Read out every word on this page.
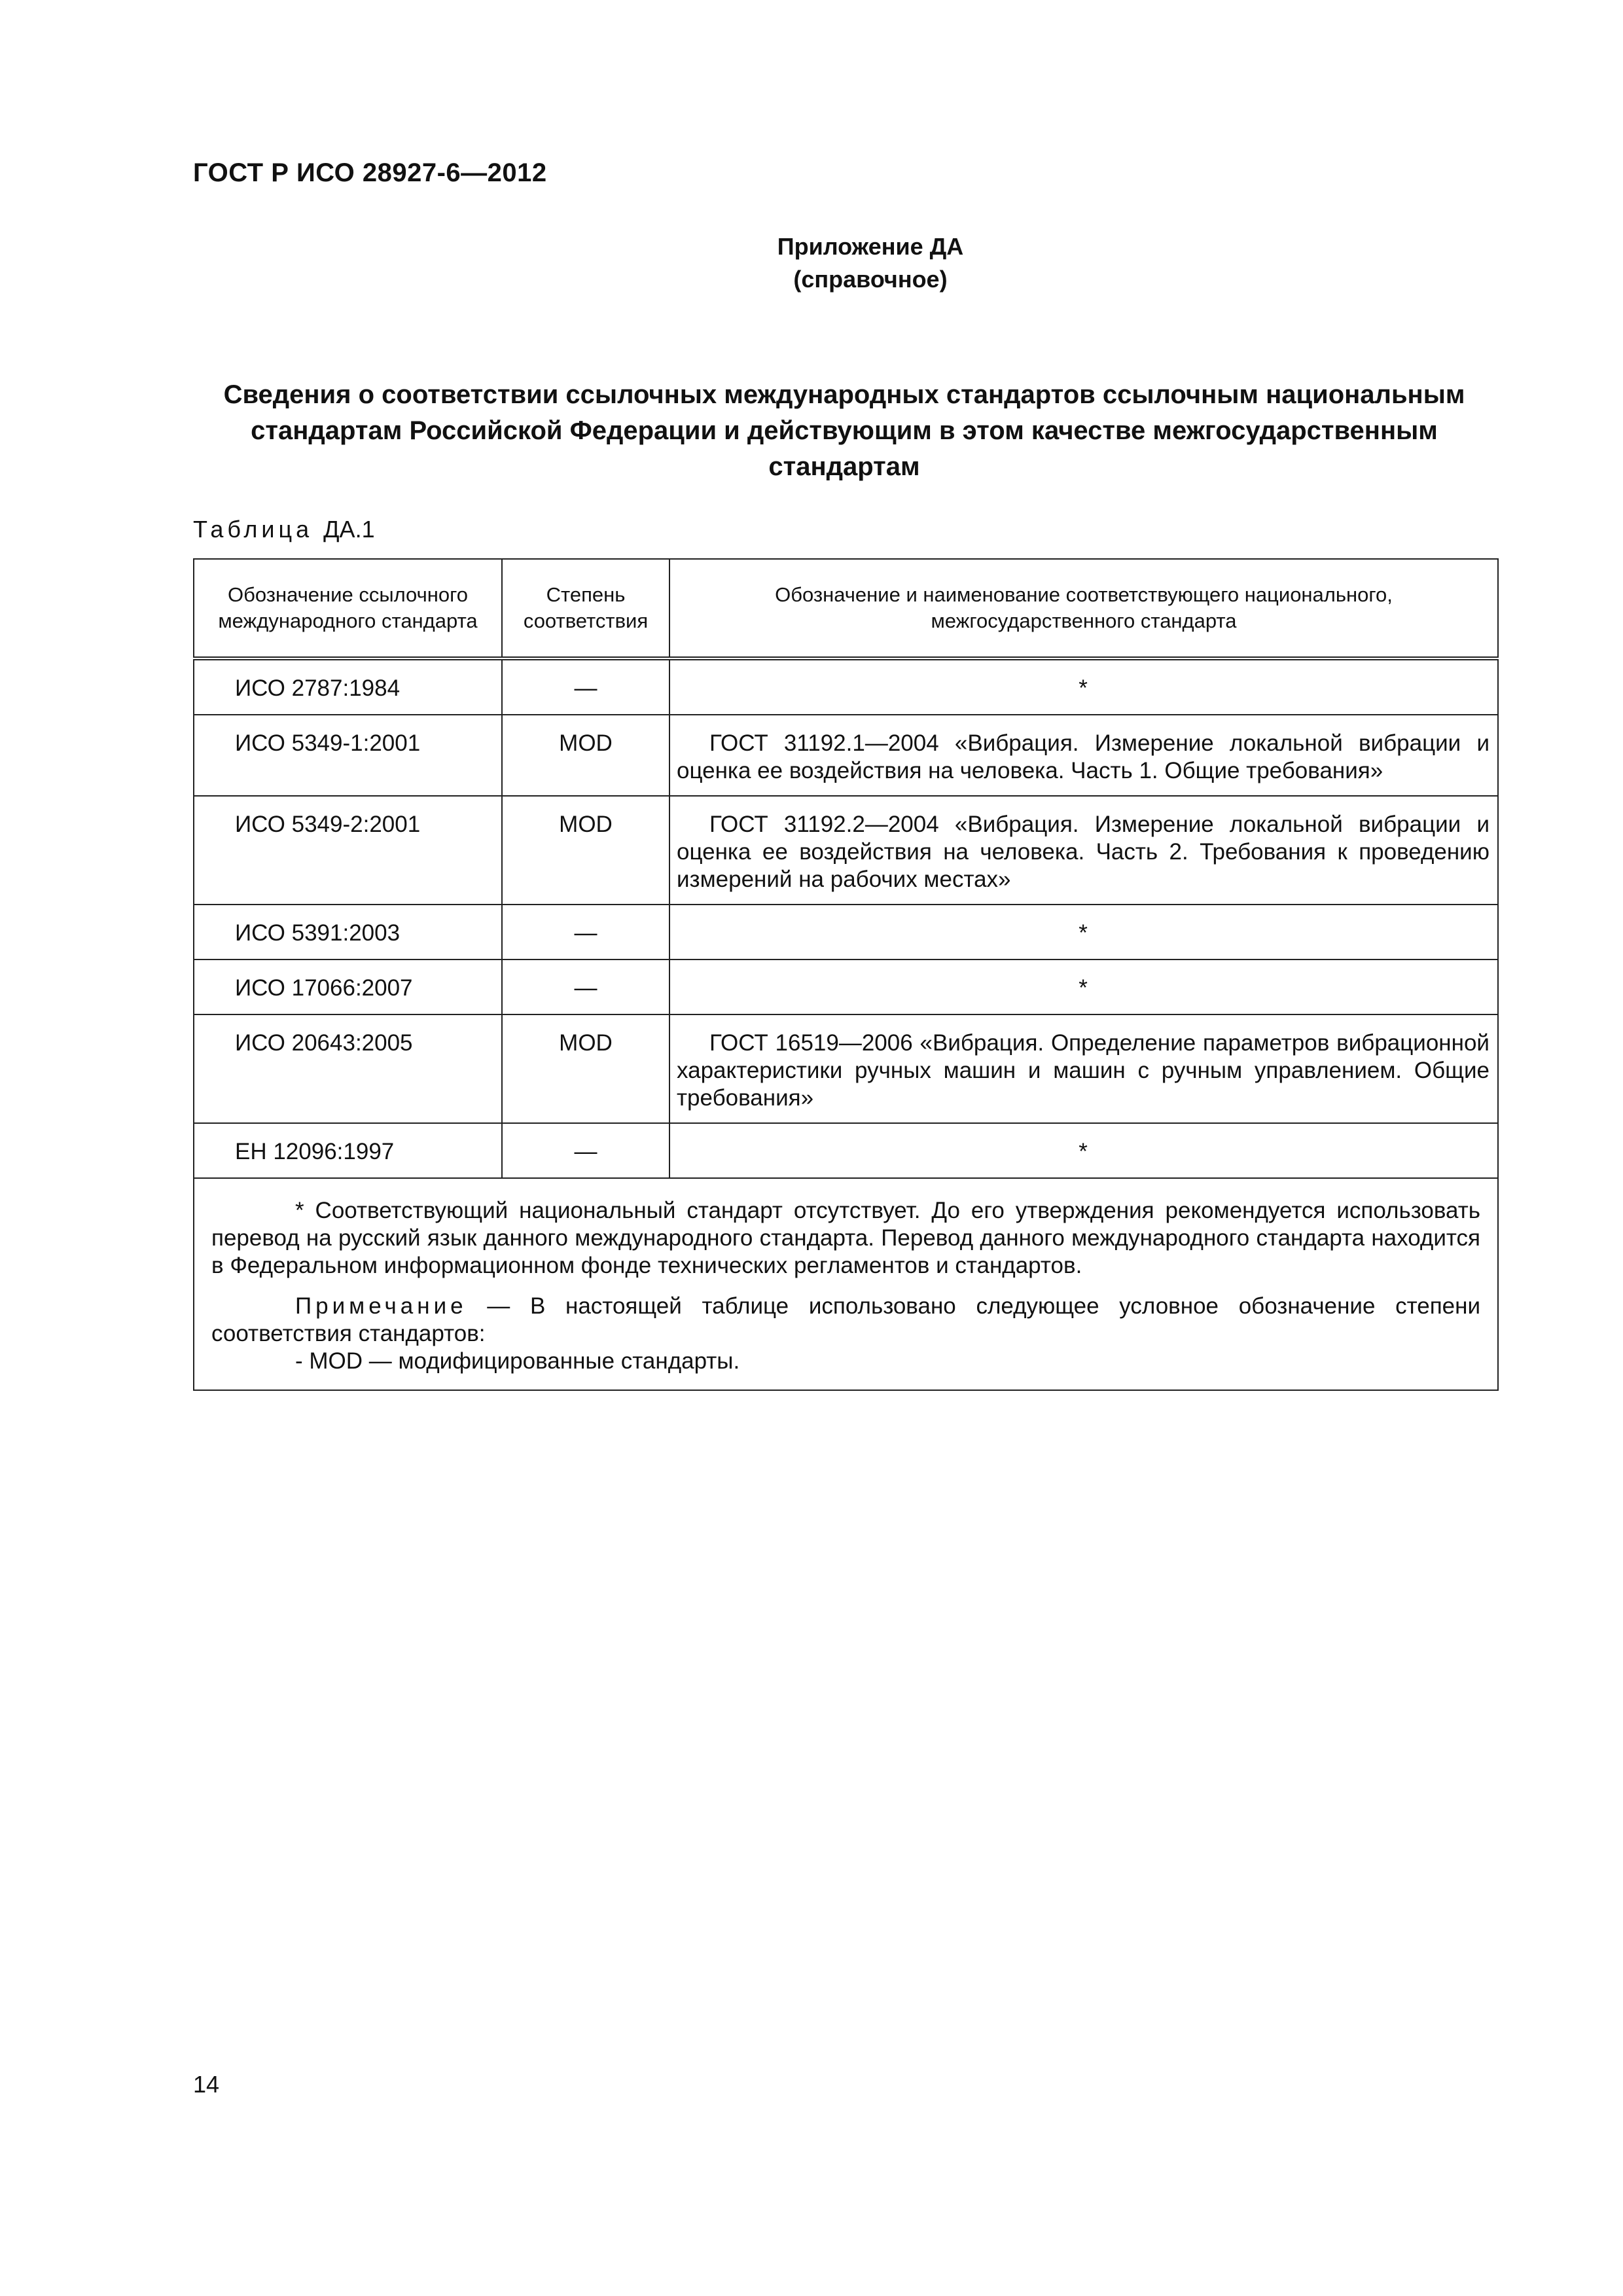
ГОСТ Р ИСО 28927-6—2012
Приложение ДА
(справочное)
Сведения о соответствии ссылочных международных стандартов ссылочным национальным
стандартам Российской Федерации и действующим в этом качестве межгосударственным
стандартам
Таблица ДА.1
Обозначение ссылочного международного стандарта	Степень соответствия	Обозначение и наименование соответствующего национального, межгосударственного стандарта
ИСО 2787:1984	—	*
ИСО 5349-1:2001	MOD	ГОСТ 31192.1—2004 «Вибрация. Измерение локальной вибрации и оценка ее воздействия на человека. Часть 1. Общие требования»

ИСО 5349-2:2001	MOD	ГОСТ 31192.2—2004 «Вибрация. Измерение локальной вибрации и оценка ее воздействия на человека. Часть 2. Требования к проведению измерений на рабочих местах»

ИСО 5391:2003	—	*
ИСО 17066:2007	—	*
ИСО 20643:2005	MOD	ГОСТ 16519—2006 «Вибрация. Определение параметров вибрационной характеристики ручных машин и машин с ручным управлением. Общие требования»

ЕН 12096:1997	—	*

* Соответствующий национальный стандарт отсутствует. До его утверждения рекомендуется использовать перевод на русский язык данного международного стандарта. Перевод данного международного стандарта находится в Федеральном информационном фонде технических регламентов и стандартов.

Примечание — В настоящей таблице использовано следующее условное обозначение степени соответствия стандартов:

- MOD — модифицированные стандарты.		

14
